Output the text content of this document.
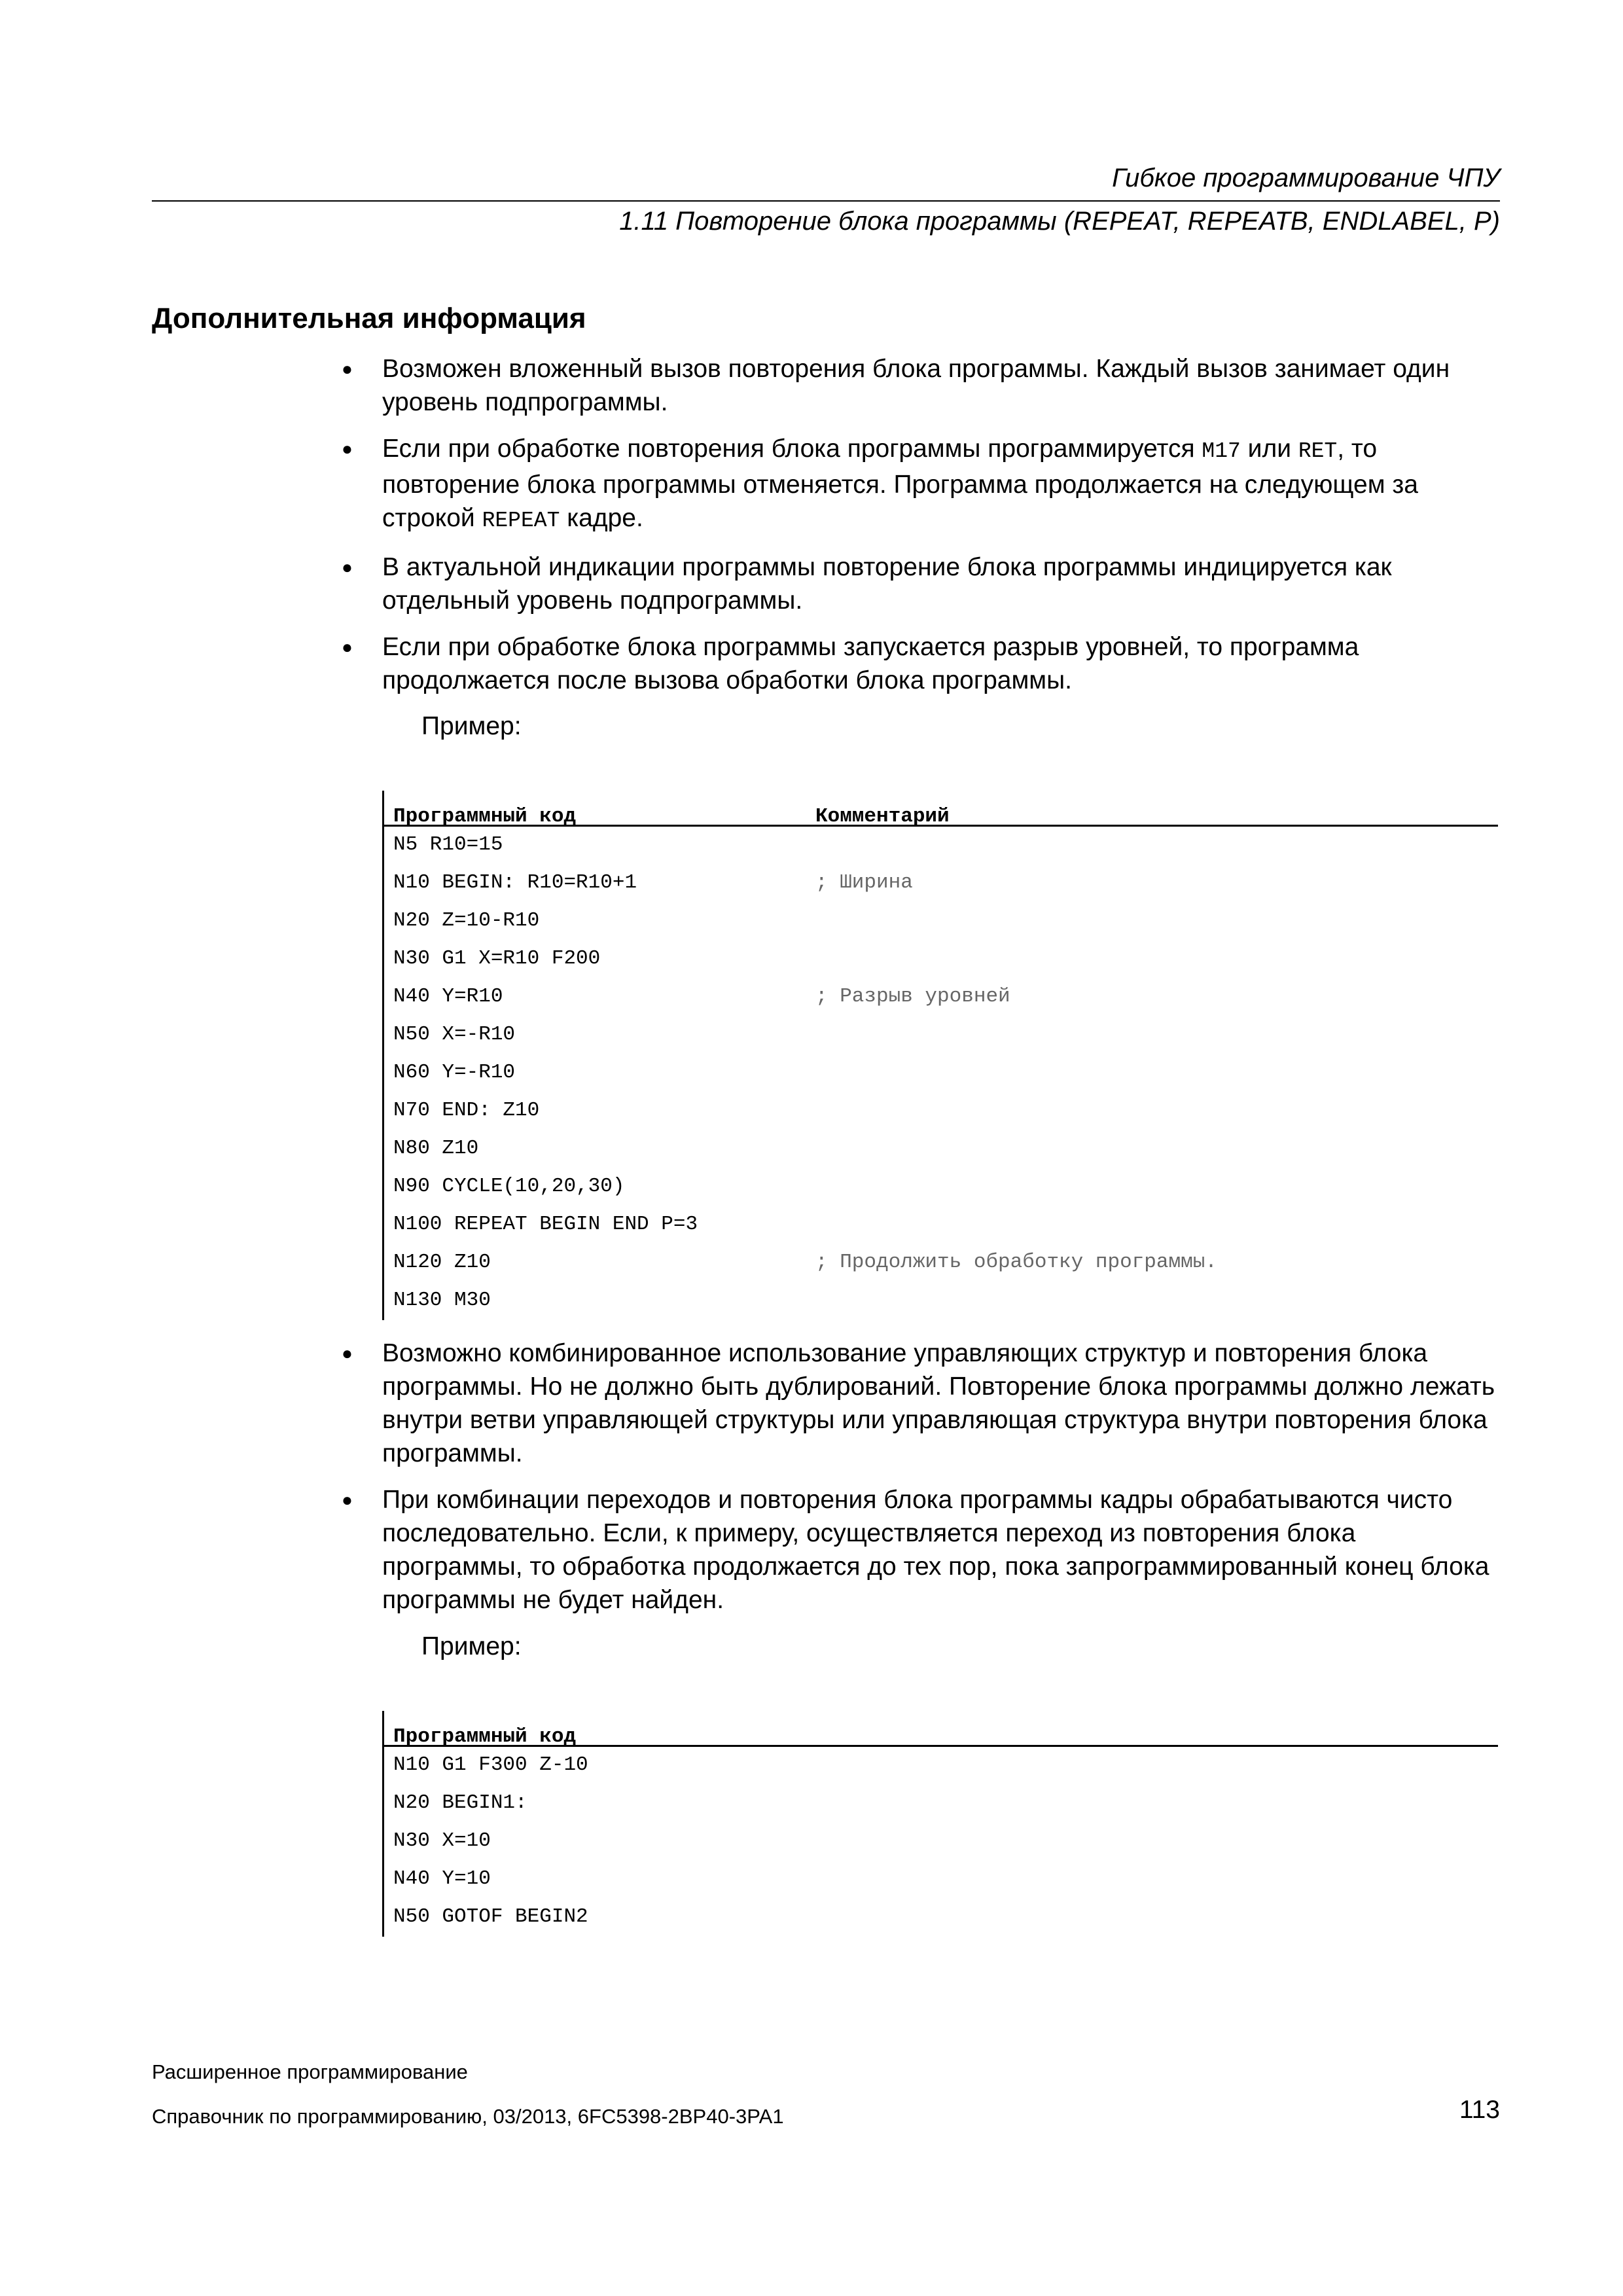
Гибкое программирование ЧПУ
1.11 Повторение блока программы (REPEAT, REPEATB, ENDLABEL, P)
Дополнительная информация
● Возможен вложенный вызов повторения блока программы. Каждый вызов занимает один уровень подпрограммы.
● Если при обработке повторения блока программы программируется M17 или RET, то повторение блока программы отменяется. Программа продолжается на следующем за строкой REPEAT кадре.
● В актуальной индикации программы повторение блока программы индицируется как отдельный уровень подпрограммы.
● Если при обработке блока программы запускается разрыв уровней, то программа продолжается после вызова обработки блока программы.
Пример:
Программный код	Комментарий
N5 R10=15
N10 BEGIN: R10=R10+1	; Ширина
N20 Z=10-R10
N30 G1 X=R10 F200
N40 Y=R10	; Разрыв уровней
N50 X=-R10
N60 Y=-R10
N70 END: Z10
N80 Z10
N90 CYCLE(10,20,30)
N100 REPEAT BEGIN END P=3
N120 Z10	; Продолжить обработку программы.
N130 M30
● Возможно комбинированное использование управляющих структур и повторения блока программы. Но не должно быть дублирований. Повторение блока программы должно лежать внутри ветви управляющей структуры или управляющая структура внутри повторения блока программы.
● При комбинации переходов и повторения блока программы кадры обрабатываются чисто последовательно. Если, к примеру, осуществляется переход из повторения блока программы, то обработка продолжается до тех пор, пока запрограммированный конец блока программы не будет найден.
Пример:
Программный код
N10 G1 F300 Z-10
N20 BEGIN1:
N30 X=10
N40 Y=10
N50 GOTOF BEGIN2
Расширенное программирование
Справочник по программированию, 03/2013, 6FC5398-2BP40-3PA1	113
